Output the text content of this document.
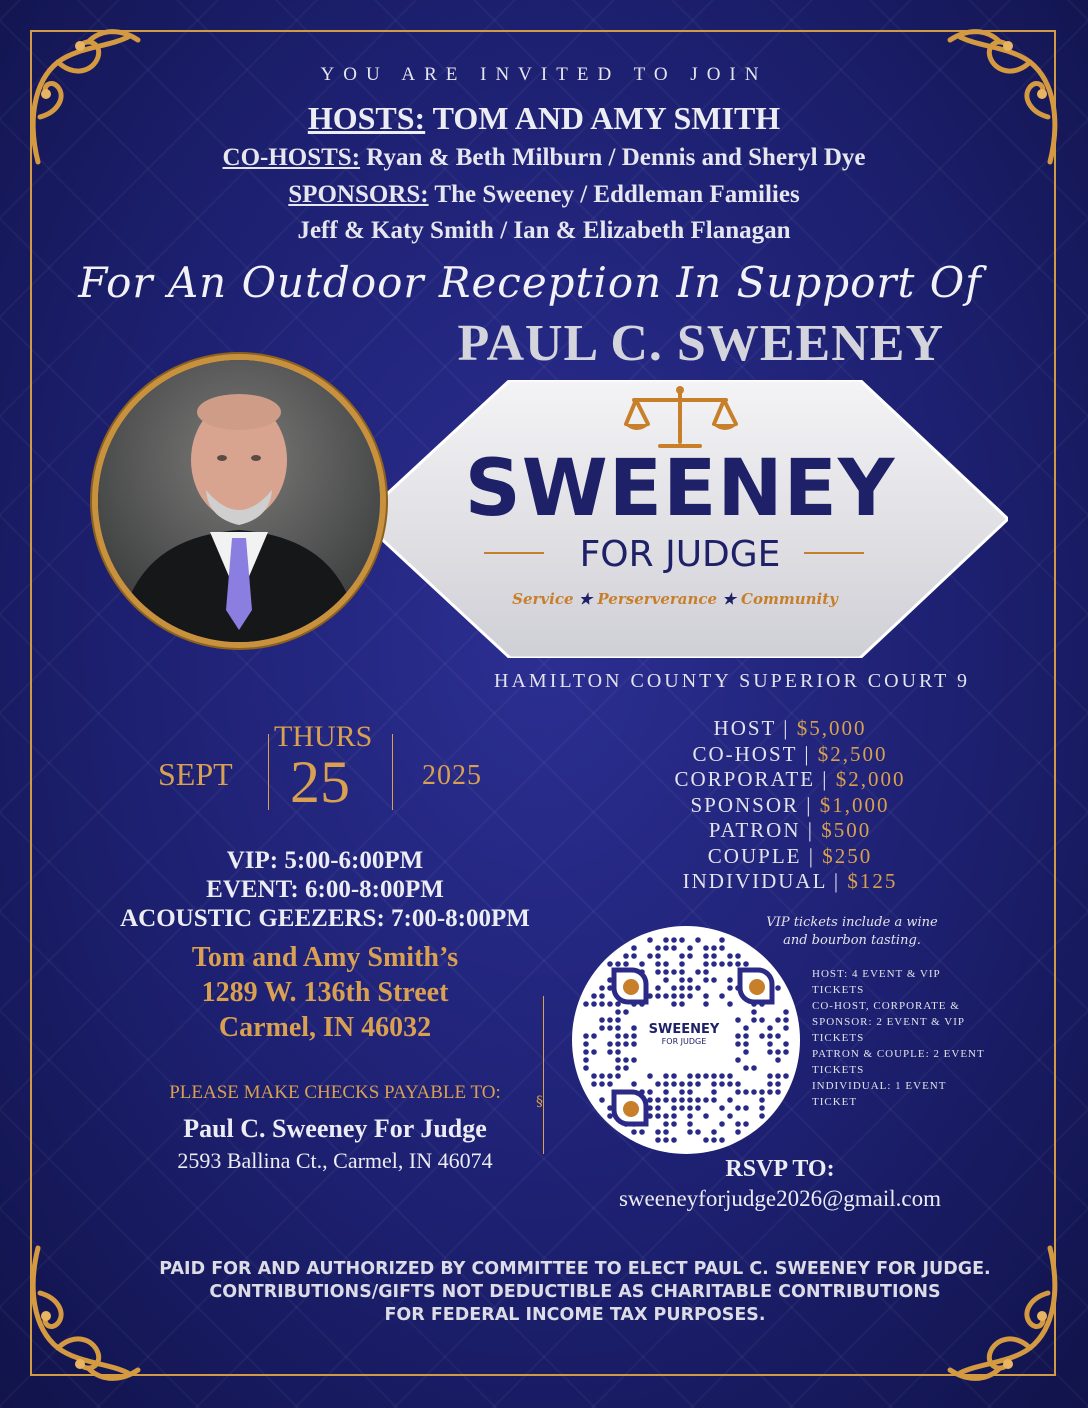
YOU ARE INVITED TO JOIN
HOSTS: TOM AND AMY SMITH
CO-HOSTS: Ryan & Beth Milburn / Dennis and Sheryl Dye
SPONSORS: The Sweeney / Eddleman Families
Jeff & Katy Smith / Ian & Elizabeth Flanagan
For An Outdoor Reception In Support Of
PAUL C. SWEENEY
SWEENEY
FOR JUDGE
Service ★ Perserverance ★ Community
HAMILTON COUNTY SUPERIOR COURT 9
SEPT
THURS
25	2025
HOST | $5,000
CO-HOST | $2,500
CORPORATE | $2,000
SPONSOR | $1,000
PATRON | $500
COUPLE | $250
INDIVIDUAL | $125
VIP: 5:00-6:00PM
EVENT: 6:00-8:00PM
ACOUSTIC GEEZERS: 7:00-8:00PM
Tom and Amy Smith’s
1289 W. 136th Street
Carmel, IN 46032
PLEASE MAKE CHECKS PAYABLE TO:
Paul C. Sweeney For Judge
2593 Ballina Ct., Carmel, IN 46074
§
VIP tickets include a wine
and bourbon tasting.
SWEENEY
FOR JUDGE

HOST: 4 EVENT & VIP TICKETS

CO-HOST, CORPORATE & SPONSOR: 2 EVENT & VIP TICKETS

PATRON & COUPLE: 2 EVENT TICKETS

INDIVIDUAL: 1 EVENT TICKET

RSVP TO:
sweeneyforjudge2026@gmail.com

PAID FOR AND AUTHORIZED BY COMMITTEE TO ELECT PAUL C. SWEENEY FOR JUDGE.

CONTRIBUTIONS/GIFTS NOT DEDUCTIBLE AS CHARITABLE CONTRIBUTIONS

FOR FEDERAL INCOME TAX PURPOSES.
